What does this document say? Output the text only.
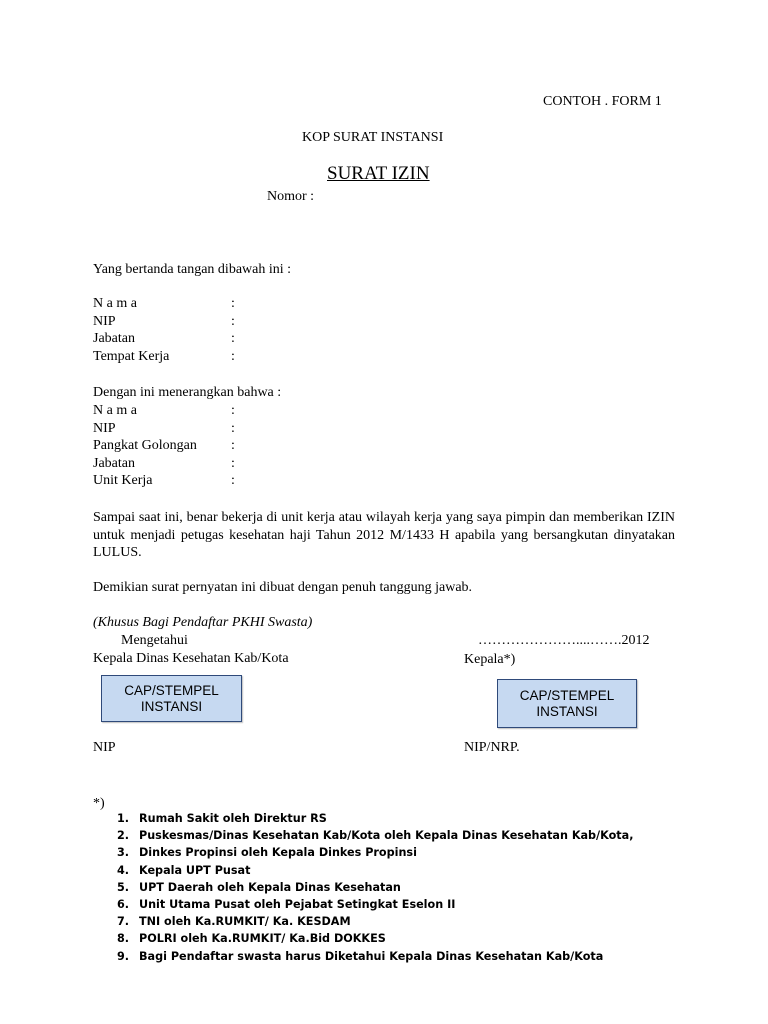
CONTOH . FORM 1
KOP SURAT INSTANSI
SURAT IZIN
Nomor :
Yang bertanda tangan dibawah ini :
N a m a	:
NIP	:
Jabatan	:
Tempat Kerja	:
Dengan ini menerangkan bahwa :
N a m a	:
NIP	:
Pangkat Golongan :
Jabatan	:
Unit Kerja	:
Sampai saat ini, benar bekerja di unit kerja atau wilayah kerja yang saya pimpin dan memberikan IZIN untuk menjadi petugas kesehatan haji Tahun 2012 M/1433 H apabila yang bersangkutan dinyatakan LULUS.
Demikian surat pernyatan ini dibuat dengan penuh tanggung jawab.
(Khusus Bagi Pendaftar PKHI Swasta)
Mengetahui
Kepala Dinas Kesehatan Kab/Kota
…………………....…….2012
Kepala*)
CAP/STEMPEL
INSTANSI
CAP/STEMPEL
INSTANSI
NIP	NIP/NRP.
*)
1. Rumah Sakit oleh Direktur RS
2. Puskesmas/Dinas Kesehatan Kab/Kota oleh Kepala Dinas Kesehatan Kab/Kota,
3. Dinkes Propinsi oleh Kepala Dinkes Propinsi
4. Kepala UPT Pusat
5. UPT Daerah oleh Kepala Dinas Kesehatan
6. Unit Utama Pusat oleh Pejabat Setingkat Eselon II
7. TNI oleh Ka.RUMKIT/ Ka. KESDAM
8. POLRI oleh Ka.RUMKIT/ Ka.Bid DOKKES
9. Bagi Pendaftar swasta harus Diketahui Kepala Dinas Kesehatan Kab/Kota
